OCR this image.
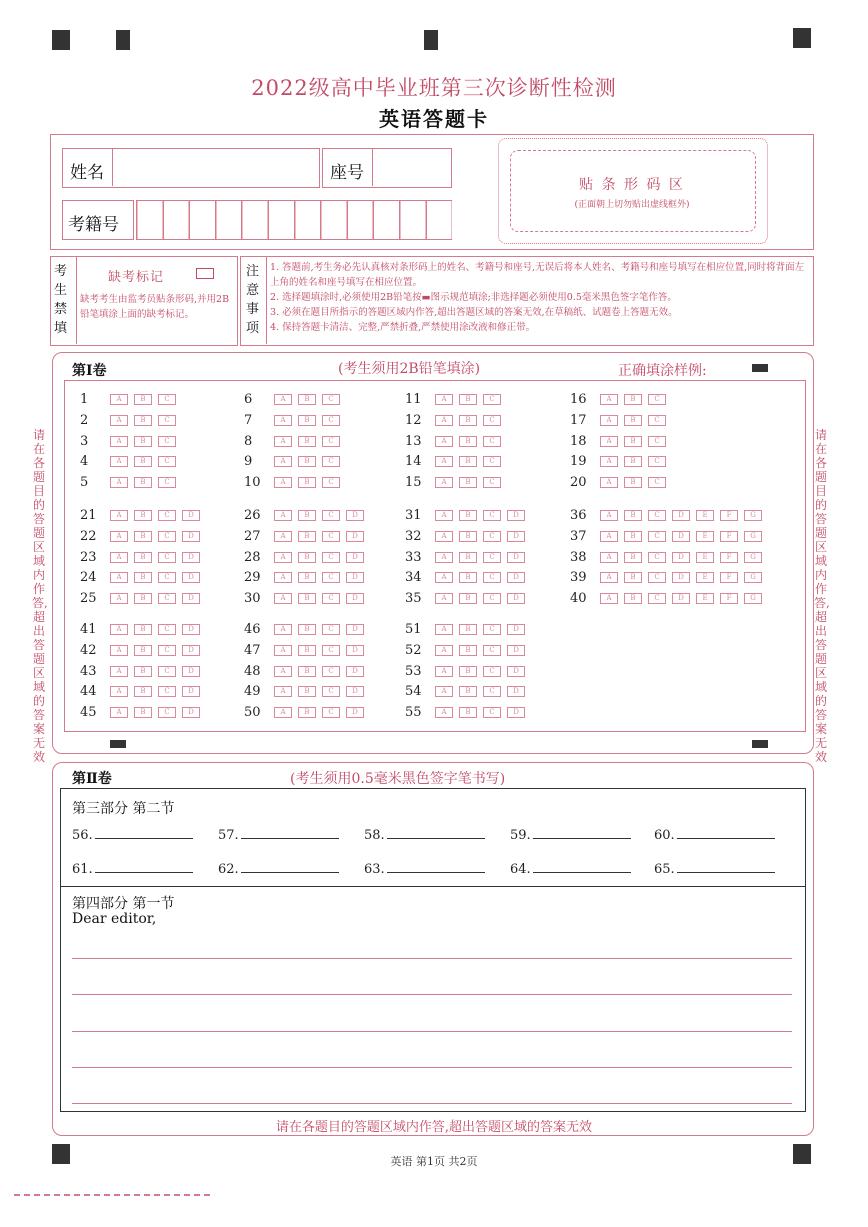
2022级高中毕业班第三次诊断性检测
英语答题卡
姓名	座号
考籍号
贴 条 形 码 区
(正面朝上切勿贴出虚线框外)
考生禁填
缺考标记
缺考考生由监考员贴条形码,并用2B铅笔填涂上面的缺考标记。
注意事项
1. 答题前,考生务必先认真核对条形码上的姓名、考籍号和座号,无误后将本人姓名、考籍号和座号填写在相应位置,同时将背面左上角的姓名和座号填写在相应位置。
2. 选择题填涂时,必须使用2B铅笔按▬图示规范填涂;非选择题必须使用0.5毫米黑色签字笔作答。
3. 必须在题目所指示的答题区域内作答,超出答题区域的答案无效,在草稿纸、试题卷上答题无效。
4. 保持答题卡清洁、完整,严禁折叠,严禁使用涂改液和修正带。
请在各题目的答题区域内作答,超出答题区域的答案无效
请在各题目的答题区域内作答,超出答题区域的答案无效
第Ⅰ卷	(考生须用2B铅笔填涂)	正确填涂样例:
1	A	B	C
2	A	B	C
3	A	B	C
4	A	B	C
5	A	B	C
6	A	B	C
7	A	B	C
8	A	B	C
9	A	B	C
10	A	B	C
11	A	B	C
12	A	B	C
13	A	B	C
14	A	B	C
15	A	B	C
16	A	B	C
17	A	B	C
18	A	B	C
19	A	B	C
20	A	B	C
21	A	B	C	D
22	A	B	C	D
23	A	B	C	D
24	A	B	C	D
25	A	B	C	D
26	A	B	C	D
27	A	B	C	D
28	A	B	C	D
29	A	B	C	D
30	A	B	C	D
31	A	B	C	D
32	A	B	C	D
33	A	B	C	D
34	A	B	C	D
35	A	B	C	D
36	A	B	C	D	E	F	G
37	A	B	C	D	E	F	G
38	A	B	C	D	E	F	G
39	A	B	C	D	E	F	G
40	A	B	C	D	E	F	G
41	A	B	C	D
42	A	B	C	D
43	A	B	C	D
44	A	B	C	D
45	A	B	C	D
46	A	B	C	D
47	A	B	C	D
48	A	B	C	D
49	A	B	C	D
50	A	B	C	D
51	A	B	C	D
52	A	B	C	D
53	A	B	C	D
54	A	B	C	D
55	A	B	C	D
第Ⅱ卷	(考生须用0.5毫米黑色签字笔书写)
第三部分 第二节
56.	57.	58.	59.	60.
61.	62.	63.	64.	65.
第四部分 第一节
Dear editor,
请在各题目的答题区域内作答,超出答题区域的答案无效
英语 第1页 共2页
